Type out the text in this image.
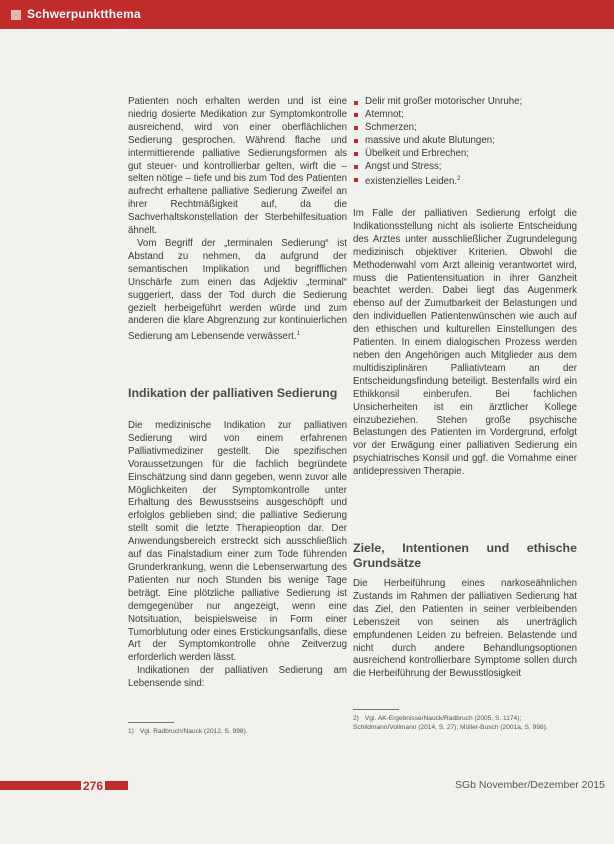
Schwerpunktthema

Patienten noch erhalten werden und ist eine niedrig dosierte Medikation zur Symptomkontrolle ausreichend, wird von einer oberflächlichen Sedierung gesprochen. Während flache und intermittierende palliative Sedierungsformen als gut steuer- und kontrollierbar gelten, wirft die – selten nötige – tiefe und bis zum Tod des Patienten aufrecht erhaltene palliative Sedierung Zweifel an ihrer Rechtmäßigkeit auf, da die Sachverhaltskonstellation der Sterbehilfesituation ähnelt.

Vom Begriff der „terminalen Sedierung“ ist Abstand zu nehmen, da aufgrund der semantischen Implikation und begrifflichen Unschärfe zum einen das Adjektiv „terminal“ suggeriert, dass der Tod durch die Sedierung gezielt herbeigeführt werden würde und zum anderen die klare Abgrenzung zur kontinuierlichen Sedierung am Lebensende verwässert.$^1$

Indikation der palliativen Sedierung

Die medizinische Indikation zur palliativen Sedierung wird von einem erfahrenen Palliativmediziner gestellt. Die spezifischen Voraussetzungen für die fachlich begründete Einschätzung sind dann gegeben, wenn zuvor alle Möglichkeiten der Symptomkontrolle unter Erhaltung des Bewusstseins ausgeschöpft und erfolglos geblieben sind; die palliative Sedierung stellt somit die letzte Therapieoption dar. Der Anwendungsbereich erstreckt sich ausschließlich auf das Finalstadium einer zum Tode führenden Grunderkrankung, wenn die Lebenserwartung des Patienten nur noch Stunden bis wenige Tage beträgt. Eine plötzliche palliative Sedierung ist demgegenüber nur angezeigt, wenn eine Notsituation, beispielsweise in Form einer Tumorblutung oder eines Erstickungsanfalls, diese Art der Symptomkontrolle ohne Zeitverzug erforderlich werden lässt.

Indikationen der palliativen Sedierung am Lebensende sind:

1) Vgl. Radbruch/Nauck (2012, S. 998).
Delir mit großer motorischer Unruhe;
Atemnot;
Schmerzen;
massive und akute Blutungen;
Übelkeit und Erbrechen;
Angst und Stress;
existenzielles Leiden.$^2$

Im Falle der palliativen Sedierung erfolgt die Indikationsstellung nicht als isolierte Entscheidung des Arztes unter ausschließlicher Zugrundelegung medizinisch objektiver Kriterien. Obwohl die Methodenwahl vom Arzt alleinig verantwortet wird, muss die Patientensituation in ihrer Ganzheit beachtet werden. Dabei liegt das Augenmerk ebenso auf der Zumutbarkeit der Belastungen und den individuellen Patientenwünschen wie auch auf den ethischen und kulturellen Einstellungen des Patienten. In einem dialogischen Prozess werden neben den Angehörigen auch Mitglieder aus dem multidisziplinären Palliativteam an der Entscheidungsfindung beteiligt. Bestenfalls wird ein Ethikkonsil einberufen. Bei fachlichen Unsicherheiten ist ein ärztlicher Kollege einzubeziehen. Stehen große psychische Belastungen des Patienten im Vordergrund, erfolgt vor der Erwägung einer palliativen Sedierung ein psychiatrisches Konsil und ggf. die Vornahme einer antidepressiven Therapie.

Ziele, Intentionen und ethische Grundsätze

Die Herbeiführung eines narkoseähnlichen Zustands im Rahmen der palliativen Sedierung hat das Ziel, den Patienten in seiner verbleibenden Lebenszeit von seinen als unerträglich empfundenen Leiden zu befreien. Belastende und nicht durch andere Behandlungsoptionen ausreichend kontrollierbare Symptome sollen durch die Herbeiführung der Bewusstlosigkeit

2) Vgl. AK-Ergebnisse/Nauck/Radbruch (2005, S. 1174); Schildmann/Vollmann (2014, S. 27); Müller-Busch (2001a, S. 998).
276	SGb November/Dezember 2015
